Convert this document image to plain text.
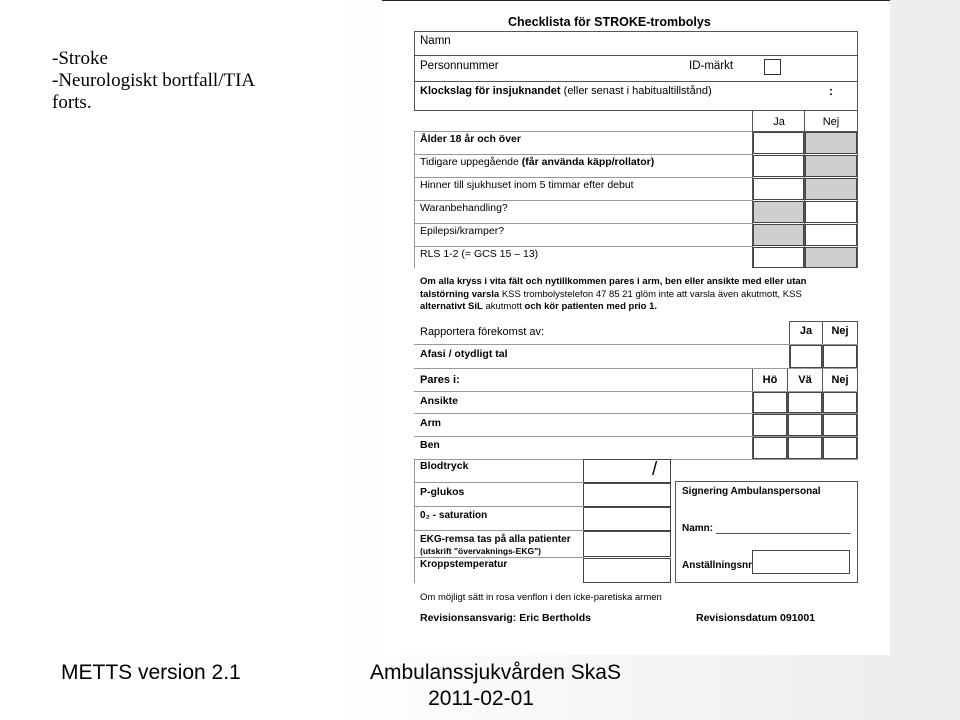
-Stroke
-Neurologiskt bortfall/TIA
forts.
Checklista för STROKE-trombolys
Namn
Personnummer	ID-märkt
Klockslag för insjuknandet (eller senast i habitualtillstånd)	:
Ja	Nej
Ålder 18 år och över
Tidigare uppegående (får använda käpp/rollator)
Hinner till sjukhuset inom 5 timmar efter debut
Waranbehandling?
Epilepsi/kramper?
RLS 1-2 (= GCS 15 – 13)
Om alla kryss i vita fält och nytillkommen pares i arm, ben eller ansikte med eller utan
talstörning varsla KSS trombolystelefon 47 85 21 glöm inte att varsla även akutmott, KSS
alternativt SiL akutmott och kör patienten med prio 1.
Rapportera förekomst av:	Ja	Nej
Afasi / otydligt tal
Pares i:	Hö	Vä	Nej
Ansikte
Arm
Ben
Blodtryck	/
P-glukos
0₂ - saturation
EKG-remsa tas på alla patienter
(utskrift "övervaknings-EKG")
Kroppstemperatur
Signering Ambulanspersonal
Namn:
Anställningsnr
Om möjligt sätt in rosa venflon i den icke-paretiska armen
Revisionsansvarig: Eric Bertholds	Revisionsdatum 091001
METTS version 2.1	Ambulanssjukvården SkaS
2011-02-01
